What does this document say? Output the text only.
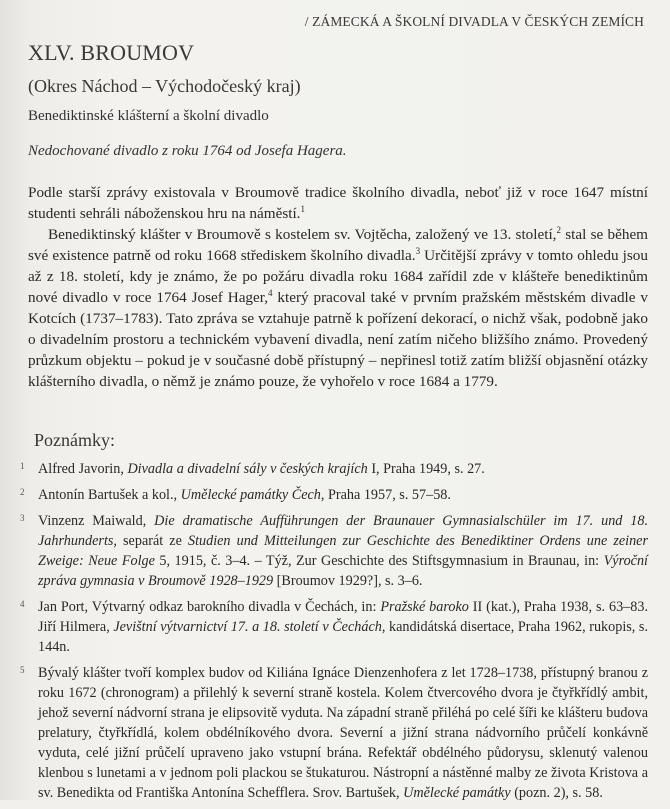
/ ZÁMECKÁ A ŠKOLNÍ DIVADLA V ČESKÝCH ZEMÍCH
XLV. BROUMOV
(Okres Náchod – Východočeský kraj)
Benediktinské klášterní a školní divadlo
Nedochované divadlo z roku 1764 od Josefa Hagera.

Podle starší zprávy existovala v Broumově tradice školního divadla, neboť již v roce 1647 místní studenti sehráli náboženskou hru na náměstí.$^1$

Benediktinský klášter v Broumově s kostelem sv. Vojtěcha, založený ve 13. století,$^2$ stal se během své existence patrně od roku 1668 střediskem školního divadla.$^3$ Určitější zprávy v tomto ohledu jsou až z 18. století, kdy je známo, že po požáru divadla roku 1684 zařídil zde v klášteře benediktinům nové divadlo v roce 1764 Josef Hager,$^4$ který pracoval také v prvním pražském městském divadle v Kotcích (1737–1783). Tato zpráva se vztahuje patrně k pořízení dekorací, o nichž však, podobně jako o divadelním prostoru a technickém vybavení divadla, není zatím ničeho bližšího známo. Provedený průzkum objektu – pokud je v současné době přístupný – nepřinesl totiž zatím bližší objasnění otázky klášterního divadla, o němž je známo pouze, že vyhořelo v roce 1684 a 1779.

Poznámky:
1 Alfred Javorin, Divadla a divadelní sály v českých krajích I, Praha 1949, s. 27.
2 Antonín Bartušek a kol., Umělecké památky Čech, Praha 1957, s. 57–58.
3 Vinzenz Maiwald, Die dramatische Aufführungen der Braunauer Gymnasialschüler im 17. und 18. Jahrhunderts, separát ze Studien und Mitteilungen zur Geschichte des Benediktiner Ordens une zeiner Zweige: Neue Folge 5, 1915, č. 3–4. – Týž, Zur Geschichte des Stiftsgymnasium in Braunau, in: Výroční zpráva gymnasia v Broumově 1928–1929 [Broumov 1929?], s. 3–6.
4 Jan Port, Výtvarný odkaz barokního divadla v Čechách, in: Pražské baroko II (kat.), Praha 1938, s. 63–83. Jiří Hilmera, Jevištní výtvarnictví 17. a 18. století v Čechách, kandidátská disertace, Praha 1962, rukopis, s. 144n.
5 Bývalý klášter tvoří komplex budov od Kiliána Ignáce Dienzenhofera z let 1728–1738, přístupný branou z roku 1672 (chronogram) a přilehlý k severní straně kostela. Kolem čtvercového dvora je čtyřkřídlý ambit, jehož severní nádvorní strana je elipsovitě vyduta. Na západní straně přiléhá po celé šíři ke klášteru budova prelatury, čtyřkřídlá, kolem obdélníkového dvora. Severní a jižní strana nádvorního průčelí konkávně vyduta, celé jižní průčelí upraveno jako vstupní brána. Refektář obdélného půdorysu, sklenutý valenou klenbou s lunetami a v jednom poli plackou se štukaturou. Nástropní a nástěnné malby ze života Kristova a sv. Benedikta od Františka Antonína Schefflera. Srov. Bartušek, Umělecké památky (pozn. 2), s. 58.
